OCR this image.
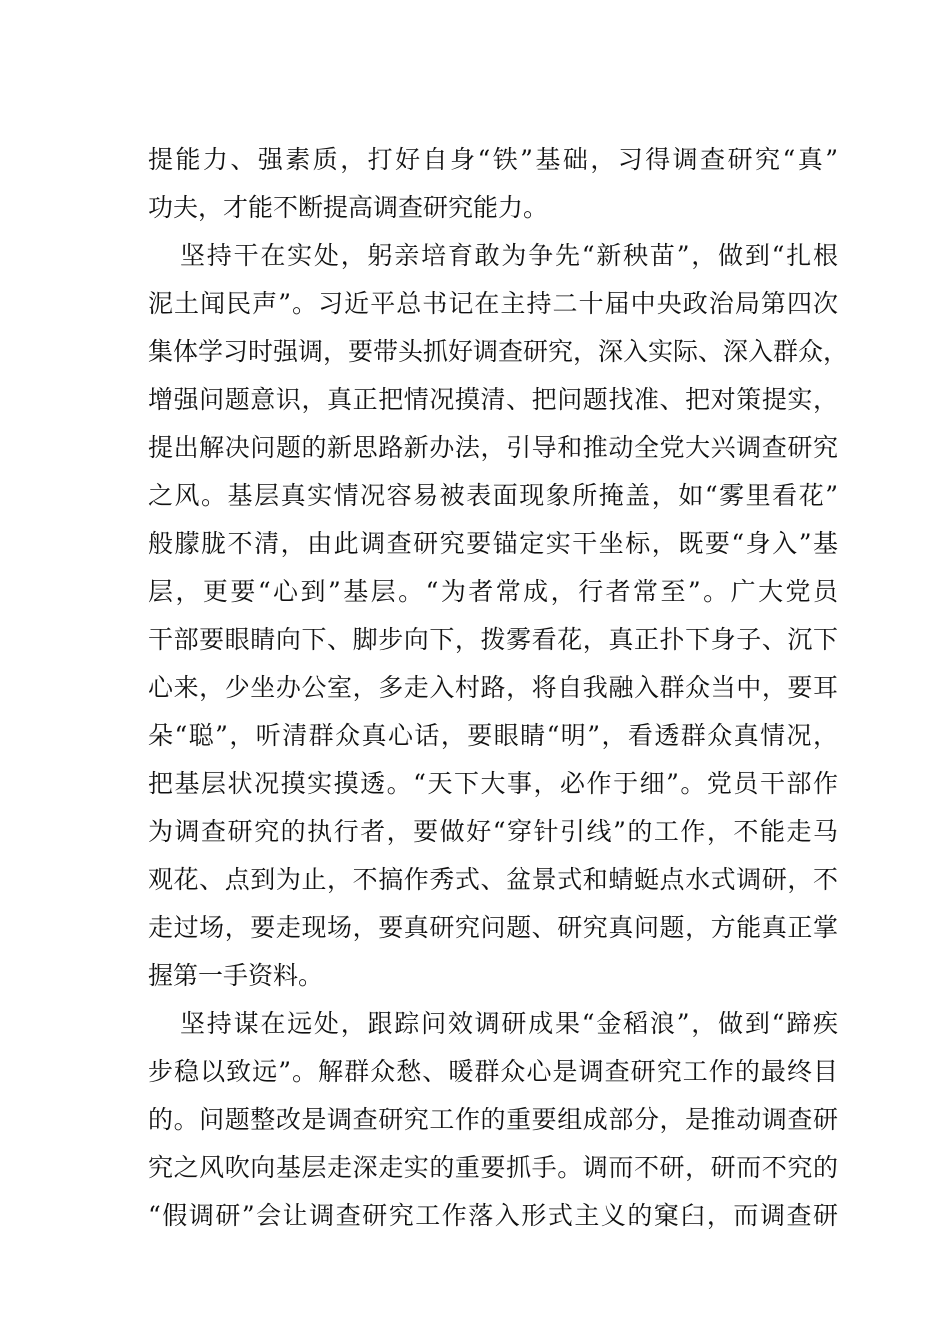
提能力、强素质，打好自身“铁”基础，习得调查研究“真”
功夫，才能不断提高调查研究能力。
坚持干在实处，躬亲培育敢为争先“新秧苗”，做到“扎根
泥土闻民声”。习近平总书记在主持二十届中央政治局第四次
集体学习时强调，要带头抓好调查研究，深入实际、深入群众，
增强问题意识，真正把情况摸清、把问题找准、把对策提实，
提出解决问题的新思路新办法，引导和推动全党大兴调查研究
之风。基层真实情况容易被表面现象所掩盖，如“雾里看花”
般朦胧不清，由此调查研究要锚定实干坐标，既要“身入”基
层，更要“心到”基层。“为者常成，行者常至”。广大党员
干部要眼睛向下、脚步向下，拨雾看花，真正扑下身子、沉下
心来，少坐办公室，多走入村路，将自我融入群众当中，要耳
朵“聪”，听清群众真心话，要眼睛“明”，看透群众真情况，
把基层状况摸实摸透。“天下大事，必作于细”。党员干部作
为调查研究的执行者，要做好“穿针引线”的工作，不能走马
观花、点到为止，不搞作秀式、盆景式和蜻蜓点水式调研，不
走过场，要走现场，要真研究问题、研究真问题，方能真正掌
握第一手资料。
坚持谋在远处，跟踪问效调研成果“金稻浪”，做到“蹄疾
步稳以致远”。解群众愁、暖群众心是调查研究工作的最终目
的。问题整改是调查研究工作的重要组成部分，是推动调查研
究之风吹向基层走深走实的重要抓手。调而不研，研而不究的
“假调研”会让调查研究工作落入形式主义的窠臼，而调查研
